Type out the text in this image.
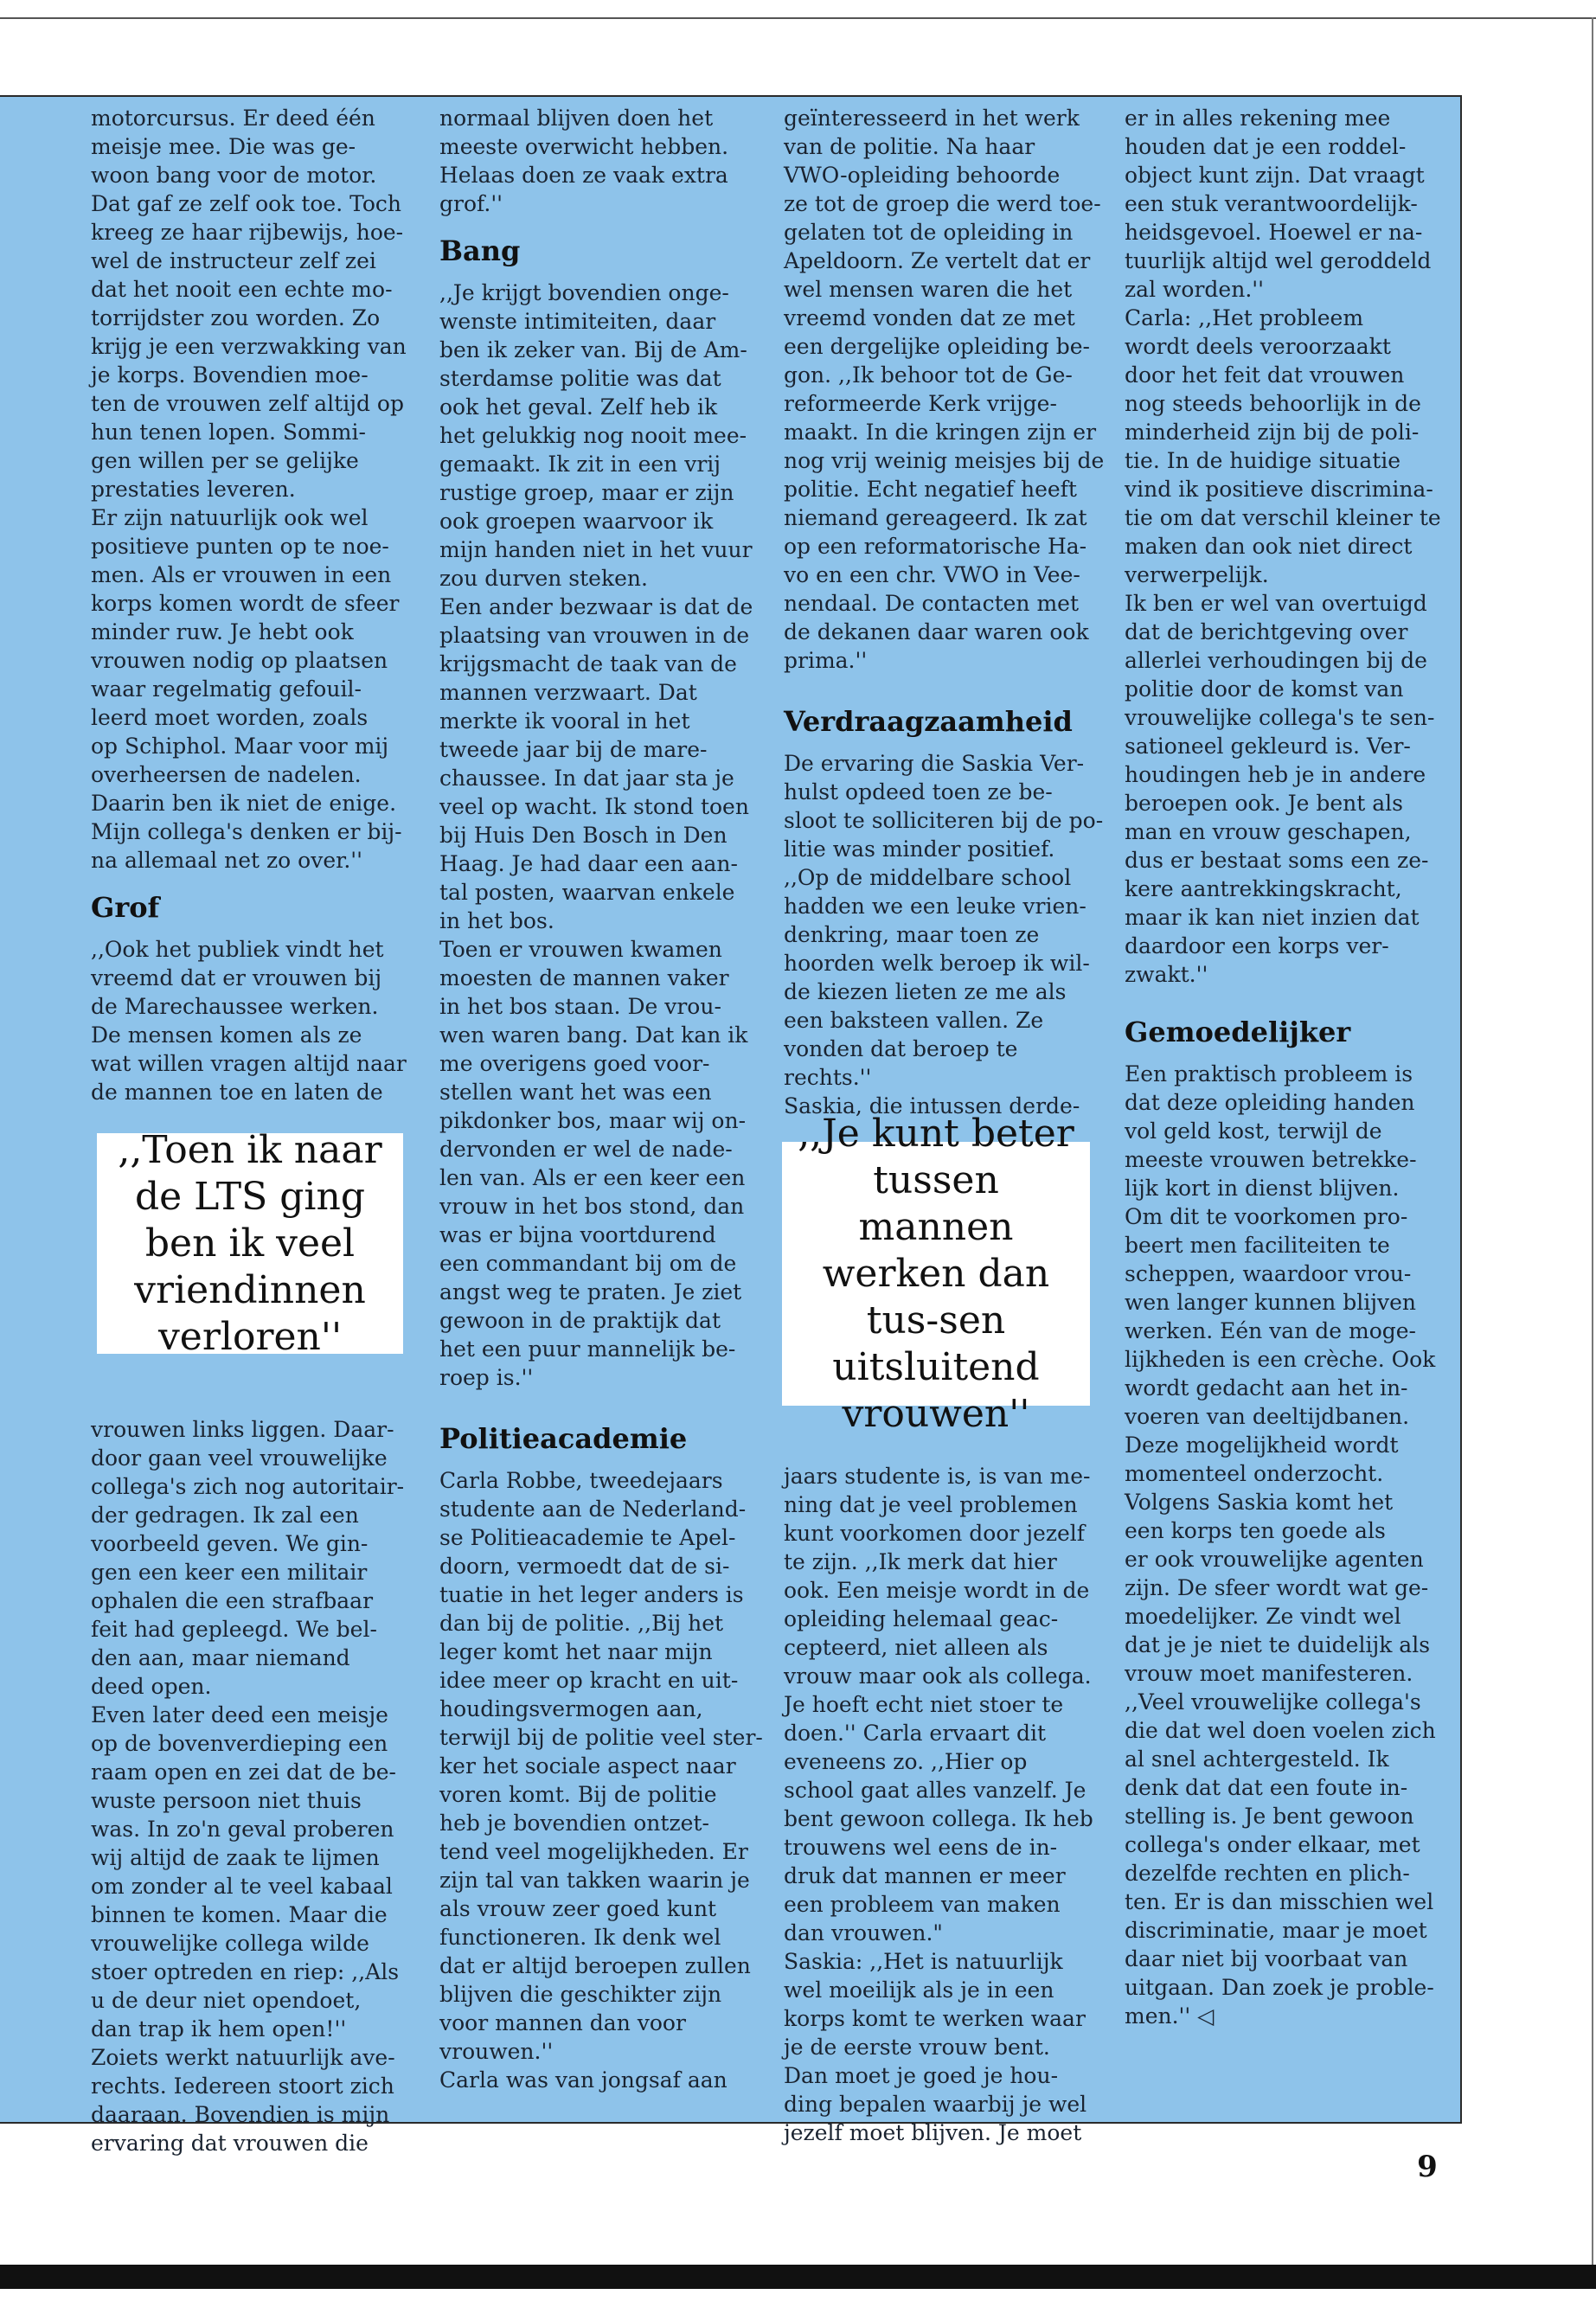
motorcursus. Er deed één
meisje mee. Die was ge-
woon bang voor de motor.
Dat gaf ze zelf ook toe. Toch
kreeg ze haar rijbewijs, hoe-
wel de instructeur zelf zei
dat het nooit een echte mo-
torrijdster zou worden. Zo
krijg je een verzwakking van
je korps. Bovendien moe-
ten de vrouwen zelf altijd op
hun tenen lopen. Sommi-
gen willen per se gelijke
prestaties leveren.

Er zijn natuurlijk ook wel
positieve punten op te noe-
men. Als er vrouwen in een
korps komen wordt de sfeer
minder ruw. Je hebt ook
vrouwen nodig op plaatsen
waar regelmatig gefouil-
leerd moet worden, zoals
op Schiphol. Maar voor mij
overheersen de nadelen.
Daarin ben ik niet de enige.
Mijn collega's denken er bij-
na allemaal net zo over.''

Grof

,,Ook het publiek vindt het
vreemd dat er vrouwen bij
de Marechaussee werken.
De mensen komen als ze
wat willen vragen altijd naar
de mannen toe en laten de

vrouwen links liggen. Daar-
door gaan veel vrouwelijke
collega's zich nog autoritair-
der gedragen. Ik zal een
voorbeeld geven. We gin-
gen een keer een militair
ophalen die een strafbaar
feit had gepleegd. We bel-
den aan, maar niemand
deed open.

Even later deed een meisje
op de bovenverdieping een
raam open en zei dat de be-
wuste persoon niet thuis
was. In zo'n geval proberen
wij altijd de zaak te lijmen
om zonder al te veel kabaal
binnen te komen. Maar die
vrouwelijke collega wilde
stoer optreden en riep: ,,Als
u de deur niet opendoet,
dan trap ik hem open!''
Zoiets werkt natuurlijk ave-
rechts. Iedereen stoort zich
daaraan. Bovendien is mijn
ervaring dat vrouwen die

normaal blijven doen het
meeste overwicht hebben.
Helaas doen ze vaak extra
grof.''

Bang

,,Je krijgt bovendien onge-
wenste intimiteiten, daar
ben ik zeker van. Bij de Am-
sterdamse politie was dat
ook het geval. Zelf heb ik
het gelukkig nog nooit mee-
gemaakt. Ik zit in een vrij
rustige groep, maar er zijn
ook groepen waarvoor ik
mijn handen niet in het vuur
zou durven steken.

Een ander bezwaar is dat de
plaatsing van vrouwen in de
krijgsmacht de taak van de
mannen verzwaart. Dat
merkte ik vooral in het
tweede jaar bij de mare-
chaussee. In dat jaar sta je
veel op wacht. Ik stond toen
bij Huis Den Bosch in Den
Haag. Je had daar een aan-
tal posten, waarvan enkele
in het bos.

Toen er vrouwen kwamen
moesten de mannen vaker
in het bos staan. De vrou-
wen waren bang. Dat kan ik
me overigens goed voor-
stellen want het was een
pikdonker bos, maar wij on-
dervonden er wel de nade-
len van. Als er een keer een
vrouw in het bos stond, dan
was er bijna voortdurend
een commandant bij om de
angst weg te praten. Je ziet
gewoon in de praktijk dat
het een puur mannelijk be-
roep is.''

Politieacademie

Carla Robbe, tweedejaars
studente aan de Nederland-
se Politieacademie te Apel-
doorn, vermoedt dat de si-
tuatie in het leger anders is
dan bij de politie. ,,Bij het
leger komt het naar mijn
idee meer op kracht en uit-
houdingsvermogen aan,
terwijl bij de politie veel ster-
ker het sociale aspect naar
voren komt. Bij de politie
heb je bovendien ontzet-
tend veel mogelijkheden. Er
zijn tal van takken waarin je
als vrouw zeer goed kunt
functioneren. Ik denk wel
dat er altijd beroepen zullen
blijven die geschikter zijn
voor mannen dan voor
vrouwen.''

Carla was van jongsaf aan

geïnteresseerd in het werk
van de politie. Na haar
VWO-opleiding behoorde
ze tot de groep die werd toe-
gelaten tot de opleiding in
Apeldoorn. Ze vertelt dat er
wel mensen waren die het
vreemd vonden dat ze met
een dergelijke opleiding be-
gon. ,,Ik behoor tot de Ge-
reformeerde Kerk vrijge-
maakt. In die kringen zijn er
nog vrij weinig meisjes bij de
politie. Echt negatief heeft
niemand gereageerd. Ik zat
op een reformatorische Ha-
vo en een chr. VWO in Vee-
nendaal. De contacten met
de dekanen daar waren ook
prima.''

Verdraagzaamheid

De ervaring die Saskia Ver-
hulst opdeed toen ze be-
sloot te solliciteren bij de po-
litie was minder positief.
,,Op de middelbare school
hadden we een leuke vrien-
denkring, maar toen ze
hoorden welk beroep ik wil-
de kiezen lieten ze me als
een baksteen vallen. Ze
vonden dat beroep te
rechts.''

Saskia, die intussen derde-

jaars studente is, is van me-
ning dat je veel problemen
kunt voorkomen door jezelf
te zijn. ,,Ik merk dat hier
ook. Een meisje wordt in de
opleiding helemaal geac-
cepteerd, niet alleen als
vrouw maar ook als collega.
Je hoeft echt niet stoer te
doen.'' Carla ervaart dit
eveneens zo. ,,Hier op
school gaat alles vanzelf. Je
bent gewoon collega. Ik heb
trouwens wel eens de in-
druk dat mannen er meer
een probleem van maken
dan vrouwen."

Saskia: ,,Het is natuurlijk
wel moeilijk als je in een
korps komt te werken waar
je de eerste vrouw bent.
Dan moet je goed je hou-
ding bepalen waarbij je wel
jezelf moet blijven. Je moet

er in alles rekening mee
houden dat je een roddel-
object kunt zijn. Dat vraagt
een stuk verantwoordelijk-
heidsgevoel. Hoewel er na-
tuurlijk altijd wel geroddeld
zal worden.''

Carla: ,,Het probleem
wordt deels veroorzaakt
door het feit dat vrouwen
nog steeds behoorlijk in de
minderheid zijn bij de poli-
tie. In de huidige situatie
vind ik positieve discrimina-
tie om dat verschil kleiner te
maken dan ook niet direct
verwerpelijk.

Ik ben er wel van overtuigd
dat de berichtgeving over
allerlei verhoudingen bij de
politie door de komst van
vrouwelijke collega's te sen-
sationeel gekleurd is. Ver-
houdingen heb je in andere
beroepen ook. Je bent als
man en vrouw geschapen,
dus er bestaat soms een ze-
kere aantrekkingskracht,
maar ik kan niet inzien dat
daardoor een korps ver-
zwakt.''

Gemoedelijker

Een praktisch probleem is
dat deze opleiding handen
vol geld kost, terwijl de
meeste vrouwen betrekke-
lijk kort in dienst blijven.

Om dit te voorkomen pro-
beert men faciliteiten te
scheppen, waardoor vrou-
wen langer kunnen blijven
werken. Eén van de moge-
lijkheden is een crèche. Ook
wordt gedacht aan het in-
voeren van deeltijdbanen.
Deze mogelijkheid wordt
momenteel onderzocht.

Volgens Saskia komt het
een korps ten goede als
er ook vrouwelijke agenten
zijn. De sfeer wordt wat ge-
moedelijker. Ze vindt wel
dat je je niet te duidelijk als
vrouw moet manifesteren.
,,Veel vrouwelijke collega's
die dat wel doen voelen zich
al snel achtergesteld. Ik
denk dat dat een foute in-
stelling is. Je bent gewoon
collega's onder elkaar, met
dezelfde rechten en plich-
ten. Er is dan misschien wel
discriminatie, maar je moet
daar niet bij voorbaat van
uitgaan. Dan zoek je proble-
men.'' ◁

,,Toen ik naar de LTS ging ben ik veel vriendinnen verloren''
,,Je kunt beter tussen mannen werken dan tus-sen uitsluitend vrouwen''
9
